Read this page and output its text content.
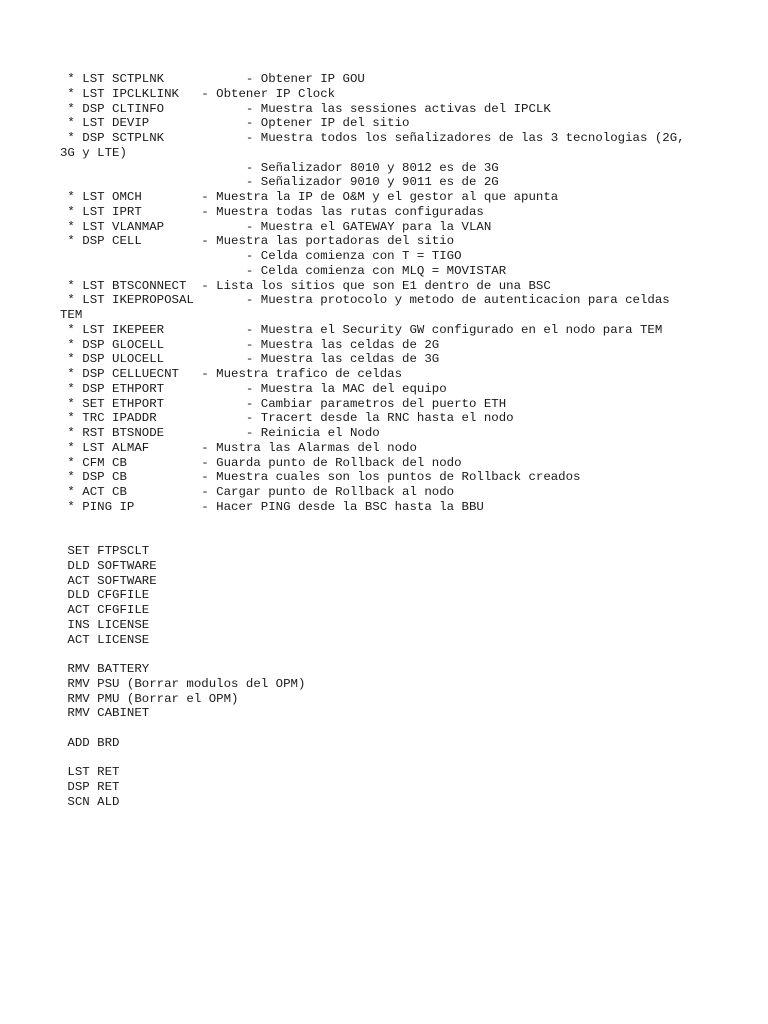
* LST SCTPLNK           - Obtener IP GOU
* LST IPCLKLINK   - Obtener IP Clock
* DSP CLTINFO           - Muestra las sessiones activas del IPCLK
* LST DEVIP             - Optener IP del sitio
* DSP SCTPLNK           - Muestra todos los señalizadores de las 3 tecnologias (2G,
3G y LTE)
- Señalizador 8010 y 8012 es de 3G
- Señalizador 9010 y 9011 es de 2G
* LST OMCH        - Muestra la IP de O&M y el gestor al que apunta
* LST IPRT        - Muestra todas las rutas configuradas
* LST VLANMAP           - Muestra el GATEWAY para la VLAN
* DSP CELL        - Muestra las portadoras del sitio
- Celda comienza con T = TIGO
- Celda comienza con MLQ = MOVISTAR
* LST BTSCONNECT  - Lista los sitios que son E1 dentro de una BSC
* LST IKEPROPOSAL       - Muestra protocolo y metodo de autenticacion para celdas
TEM
* LST IKEPEER           - Muestra el Security GW configurado en el nodo para TEM
* DSP GLOCELL           - Muestra las celdas de 2G
* DSP ULOCELL           - Muestra las celdas de 3G
* DSP CELLUECNT   - Muestra trafico de celdas
* DSP ETHPORT           - Muestra la MAC del equipo
* SET ETHPORT           - Cambiar parametros del puerto ETH
* TRC IPADDR            - Tracert desde la RNC hasta el nodo
* RST BTSNODE           - Reinicia el Nodo
* LST ALMAF       - Mustra las Alarmas del nodo
* CFM CB          - Guarda punto de Rollback del nodo
* DSP CB          - Muestra cuales son los puntos de Rollback creados
* ACT CB          - Cargar punto de Rollback al nodo
* PING IP         - Hacer PING desde la BSC hasta la BBU
SET FTPSCLT
DLD SOFTWARE
ACT SOFTWARE
DLD CFGFILE
ACT CFGFILE
INS LICENSE
ACT LICENSE
RMV BATTERY
RMV PSU (Borrar modulos del OPM)
RMV PMU (Borrar el OPM)
RMV CABINET
ADD BRD
LST RET
DSP RET
SCN ALD
